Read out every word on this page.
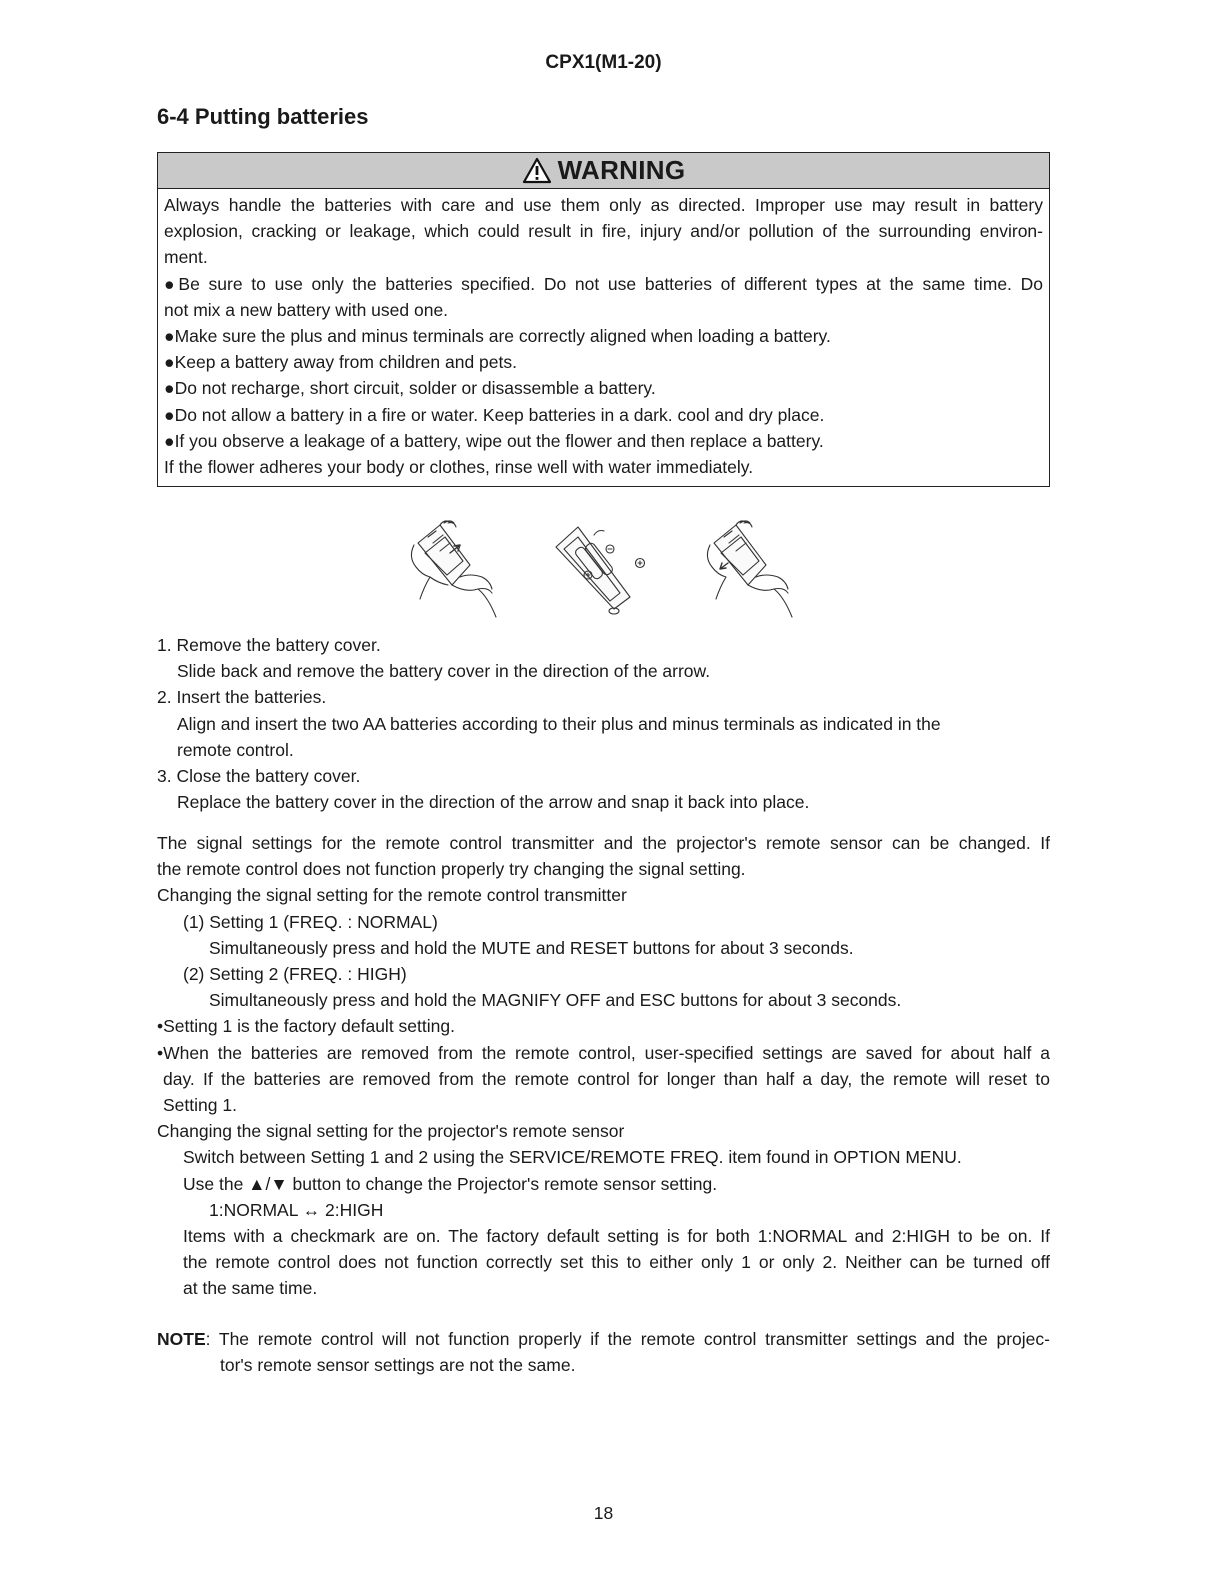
CPX1(M1-20)
6-4 Putting batteries
WARNING
Always handle the batteries with care and use them only as directed. Improper use may result in battery
explosion, cracking or leakage, which could result in fire, injury and/or pollution of the surrounding environ-
ment.
●Be sure to use only the batteries specified. Do not use batteries of different types at the same time. Do
not mix a new battery with used one.
●Make sure the plus and minus terminals are correctly aligned when loading a battery.
●Keep a battery away from children and pets.
●Do not recharge, short circuit, solder or disassemble a battery.
●Do not allow a battery in a fire or water. Keep batteries in a dark. cool and dry place.
●If you observe a leakage of a battery, wipe out the flower and then replace a battery.
If the flower adheres your body or clothes, rinse well with water immediately.
1. Remove the battery cover.
Slide back and remove the battery cover in the direction of the arrow.
2. Insert the batteries.
Align and insert the two AA batteries according to their plus and minus terminals as indicated in the
remote control.
3. Close the battery cover.
Replace the battery cover in the direction of the arrow and snap it back into place.
The signal settings for the remote control transmitter and the projector's remote sensor can be changed. If
the remote control does not function properly try changing the signal setting.
Changing the signal setting for the remote control transmitter
(1) Setting 1 (FREQ. : NORMAL)
Simultaneously press and hold the MUTE and RESET buttons for about 3 seconds.
(2) Setting 2 (FREQ. : HIGH)
Simultaneously press and hold the MAGNIFY OFF and ESC buttons for about 3 seconds.
•Setting 1 is the factory default setting.
•When the batteries are removed from the remote control, user-specified settings are saved for about half a
day. If the batteries are removed from the remote control for longer than half a day, the remote will reset to
Setting 1.
Changing the signal setting for the projector's remote sensor
Switch between Setting 1 and 2 using the SERVICE/REMOTE FREQ. item found in OPTION MENU.
Use the ▲/▼ button to change the Projector's remote sensor setting.
1:NORMAL ↔ 2:HIGH
Items with a checkmark are on. The factory default setting is for both 1:NORMAL and 2:HIGH to be on. If
the remote control does not function correctly set this to either only 1 or only 2. Neither can be turned off
at the same time.
NOTE: The remote control will not function properly if the remote control transmitter settings and the projec-
tor's remote sensor settings are not the same.
18
